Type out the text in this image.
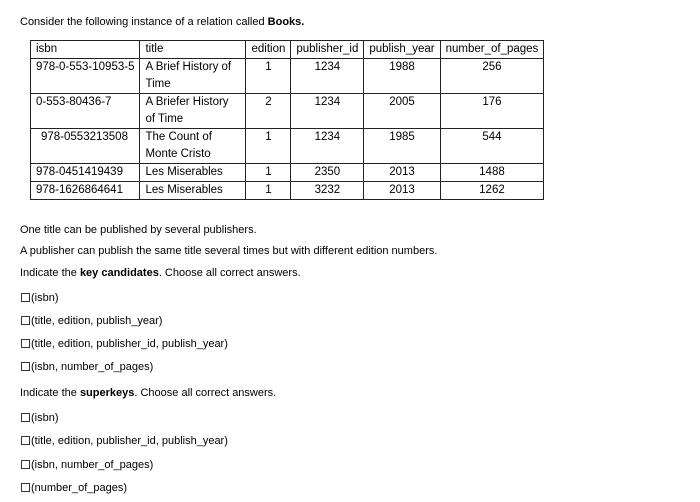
Consider the following instance of a relation called Books.
isbn	title	edition	publisher_id	publish_year	number_of_pages
978-0-553-10953-5	A Brief History of Time	1	1234	1988	256
0-553-80436-7	A Briefer History of Time	2	1234	2005	176
978-0553213508	The Count of Monte Cristo	1	1234	1985	544
978-0451419439	Les Miserables	1	2350	2013	1488
978-1626864641	Les Miserables	1	3232	2013	1262
One title can be published by several publishers.
A publisher can publish the same title several times but with different edition numbers.
Indicate the key candidates. Choose all correct answers.
(isbn)
(title, edition, publish_year)
(title, edition, publisher_id, publish_year)
(isbn, number_of_pages)
Indicate the superkeys. Choose all correct answers.
(isbn)
(title, edition, publisher_id, publish_year)
(isbn, number_of_pages)
(number_of_pages)
